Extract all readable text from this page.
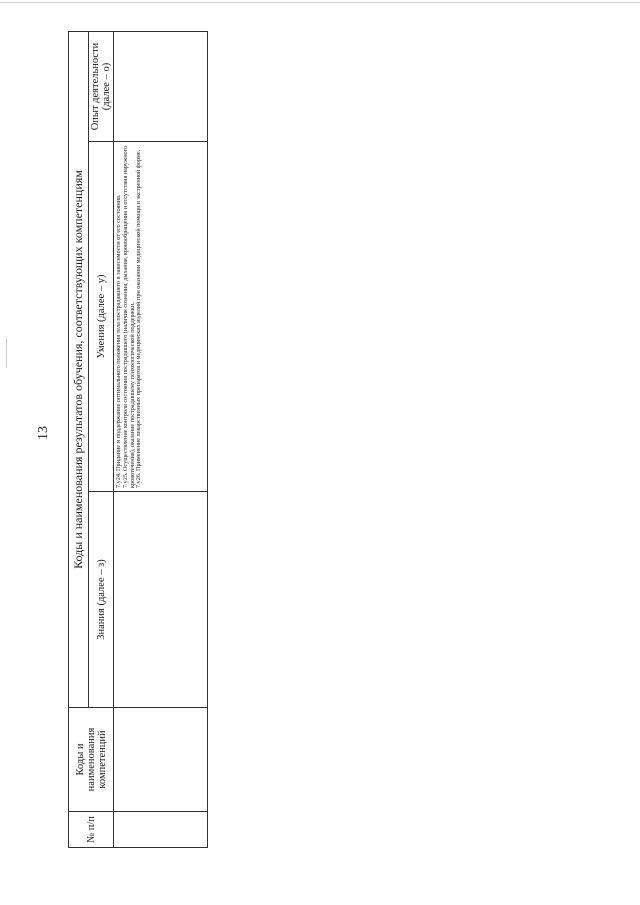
13
№ п/п	Коды и наименования компетенций	Коды и наименования результатов обучения, соответствующих компетенциям		
		Знания (далее – з)	Умения (далее – у)	Опыт деятельности (далее – о)

			7.у24. Придание и поддержание оптимального положения тела пострадавшего в зависимости от его состояния. 7.у25. Осуществление контроля состояния пострадавшего (наличия сознания, дыхания, кровообращения и отсутствия наружного кровотечения), оказание пострадавшему психологической поддержки. 7.у26. Применение лекарственных препаратов и медицинских изделий при оказании медицинской помощи в экстренной форме.	
